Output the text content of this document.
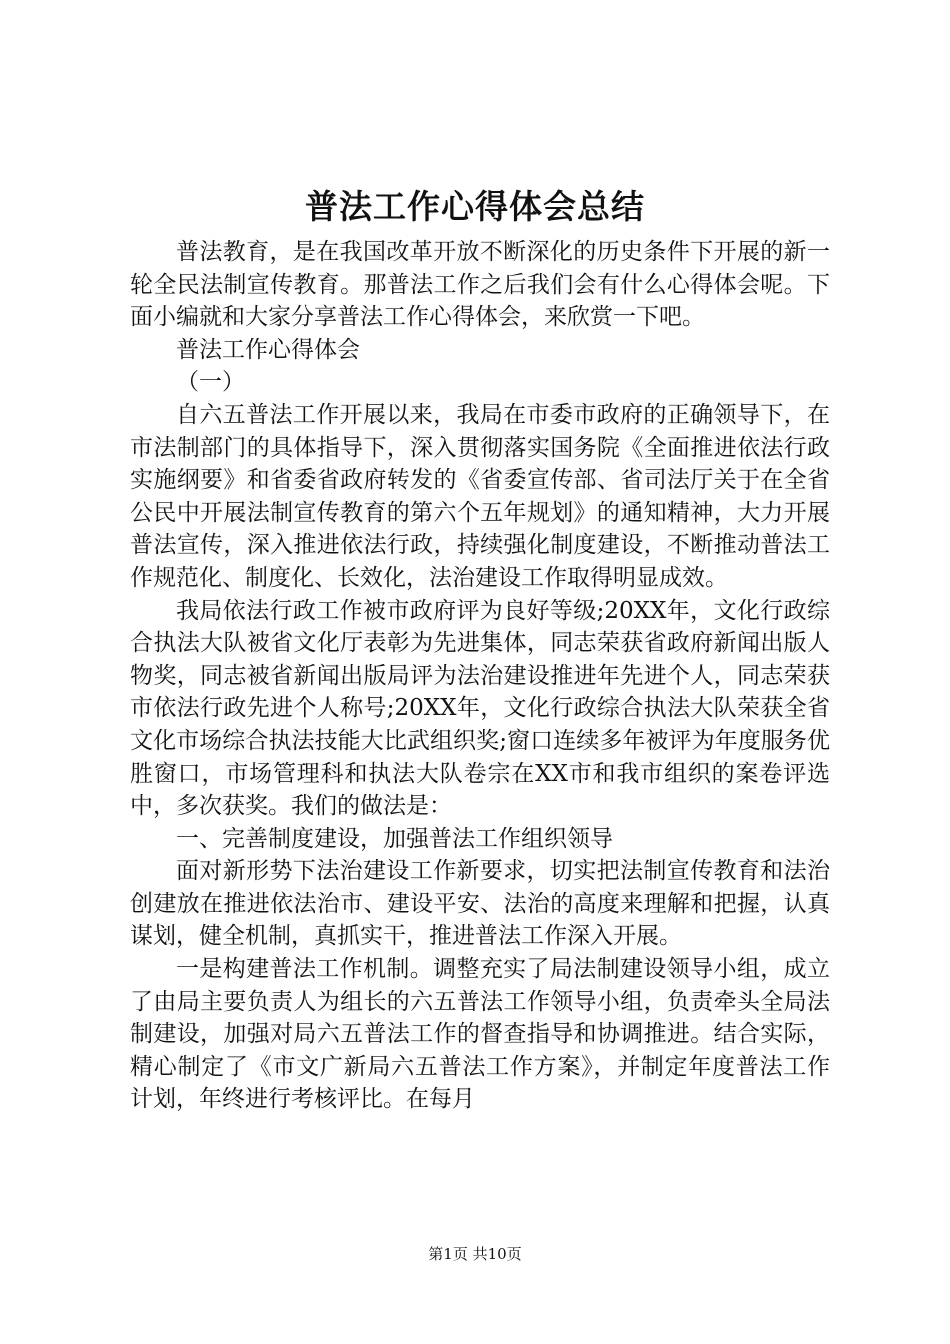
普法工作心得体会总结

普法教育，是在我国改革开放不断深化的历史条件下开展的新一轮全民法制宣传教育。那普法工作之后我们会有什么心得体会呢。下面小编就和大家分享普法工作心得体会，来欣赏一下吧。

普法工作心得体会

（一）

自六五普法工作开展以来，我局在市委市政府的正确领导下，在市法制部门的具体指导下，深入贯彻落实国务院《全面推进依法行政实施纲要》和省委省政府转发的《省委宣传部、省司法厅关于在全省公民中开展法制宣传教育的第六个五年规划》的通知精神，大力开展普法宣传，深入推进依法行政，持续强化制度建设，不断推动普法工作规范化、制度化、长效化，法治建设工作取得明显成效。

我局依法行政工作被市政府评为良好等级;20XX年，文化行政综合执法大队被省文化厅表彰为先进集体，同志荣获省政府新闻出版人物奖，同志被省新闻出版局评为法治建设推进年先进个人，同志荣获市依法行政先进个人称号;20XX年，文化行政综合执法大队荣获全省文化市场综合执法技能大比武组织奖;窗口连续多年被评为年度服务优胜窗口，市场管理科和执法大队卷宗在XX市和我市组织的案卷评选中，多次获奖。我们的做法是：

一、完善制度建设，加强普法工作组织领导

面对新形势下法治建设工作新要求，切实把法制宣传教育和法治创建放在推进依法治市、建设平安、法治的高度来理解和把握，认真谋划，健全机制，真抓实干，推进普法工作深入开展。

一是构建普法工作机制。调整充实了局法制建设领导小组，成立了由局主要负责人为组长的六五普法工作领导小组，负责牵头全局法制建设，加强对局六五普法工作的督查指导和协调推进。结合实际，精心制定了《市文广新局六五普法工作方案》，并制定年度普法工作计划，年终进行考核评比。在每月

第1页 共10页
